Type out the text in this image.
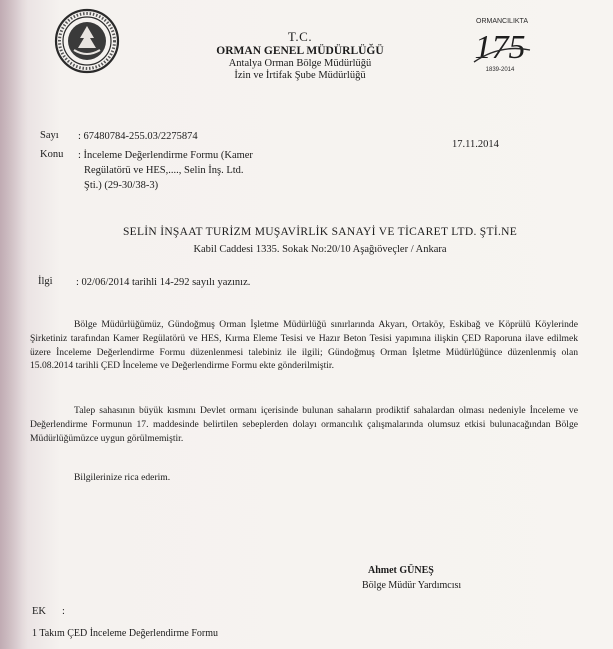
ORMANCILIKTA
175
1839-2014
T.C.
ORMAN GENEL MÜDÜRLÜĞÜ
Antalya Orman Bölge Müdürlüğü
İzin ve İrtifak Şube Müdürlüğü
Sayı : 67480784-255.03/2275874
Konu : İnceleme Değerlendirme Formu (Kamer
Regülatörü ve HES,...., Selin İnş. Ltd.
Şti.) (29-30/38-3)
17.11.2014
SELİN İNŞAAT TURİZM MUŞAVİRLİK SANAYİ VE TİCARET LTD. ŞTİ.NE
Kabil Caddesi 1335. Sokak No:20/10 Aşağıöveçler / Ankara
İlgi : 02/06/2014 tarihli 14-292 sayılı yazınız.
Bölge Müdürlüğümüz, Gündoğmuş Orman İşletme Müdürlüğü sınırlarında Akyarı, Ortaköy, Eskibağ ve Köprülü Köylerinde Şirketiniz tarafından Kamer Regülatörü ve HES, Kırma Eleme Tesisi ve Hazır Beton Tesisi yapımına ilişkin ÇED Raporuna ilave edilmek üzere İnceleme Değerlendirme Formu düzenlenmesi talebiniz ile ilgili; Gündoğmuş Orman İşletme Müdürlüğünce düzenlenmiş olan 15.08.2014 tarihli ÇED İnceleme ve Değerlendirme Formu ekte gönderilmiştir.
Talep sahasının büyük kısmını Devlet ormanı içerisinde bulunan sahaların prodiktif sahalardan olması nedeniyle İnceleme ve Değerlendirme Formunun 17. maddesinde belirtilen sebeplerden dolayı ormancılık çalışmalarında olumsuz etkisi bulunacağından Bölge Müdürlüğümüzce uygun görülmemiştir.
Bilgilerinize rica ederim.
Ahmet GÜNEŞ
Bölge Müdür Yardımcısı
EK :
1 Takım ÇED İnceleme Değerlendirme Formu
